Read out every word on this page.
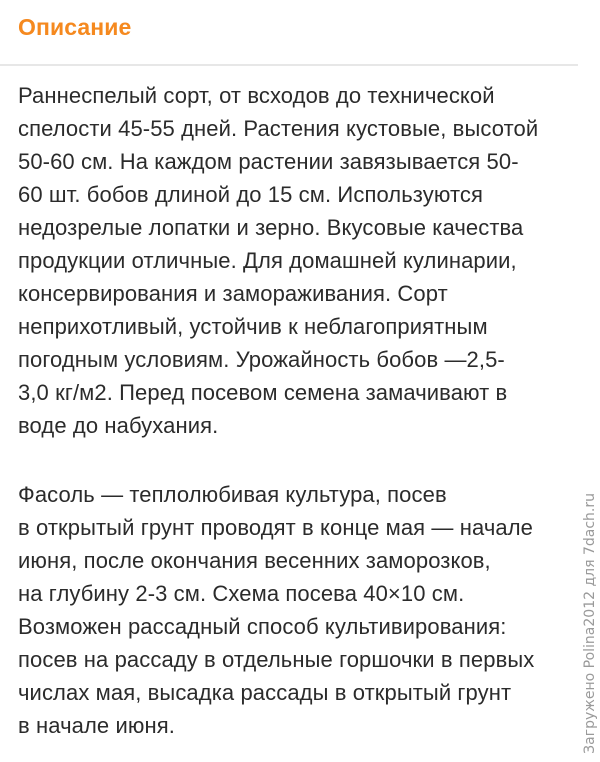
Описание

Раннеспелый сорт, от всходов до технической
спелости 45-55 дней. Растения кустовые, высотой
50-60 см. На каждом растении завязывается 50-
60 шт. бобов длиной до 15 см. Используются
недозрелые лопатки и зерно. Вкусовые качества
продукции отличные. Для домашней кулинарии,
консервирования и замораживания. Сорт
неприхотливый, устойчив к неблагоприятным
погодным условиям. Урожайность бобов —2,5-
3,0 кг/м2. Перед посевом семена замачивают в
воде до набухания.

Фасоль — теплолюбивая культура, посев
в открытый грунт проводят в конце мая — начале
июня, после окончания весенних заморозков,
на глубину 2-3 см. Схема посева 40×10 см.
Возможен рассадный способ культивирования:
посев на рассаду в отдельные горшочки в первых
числах мая, высадка рассады в открытый грунт
в начале июня.	Загружено Polina2012 для 7dach.ru
